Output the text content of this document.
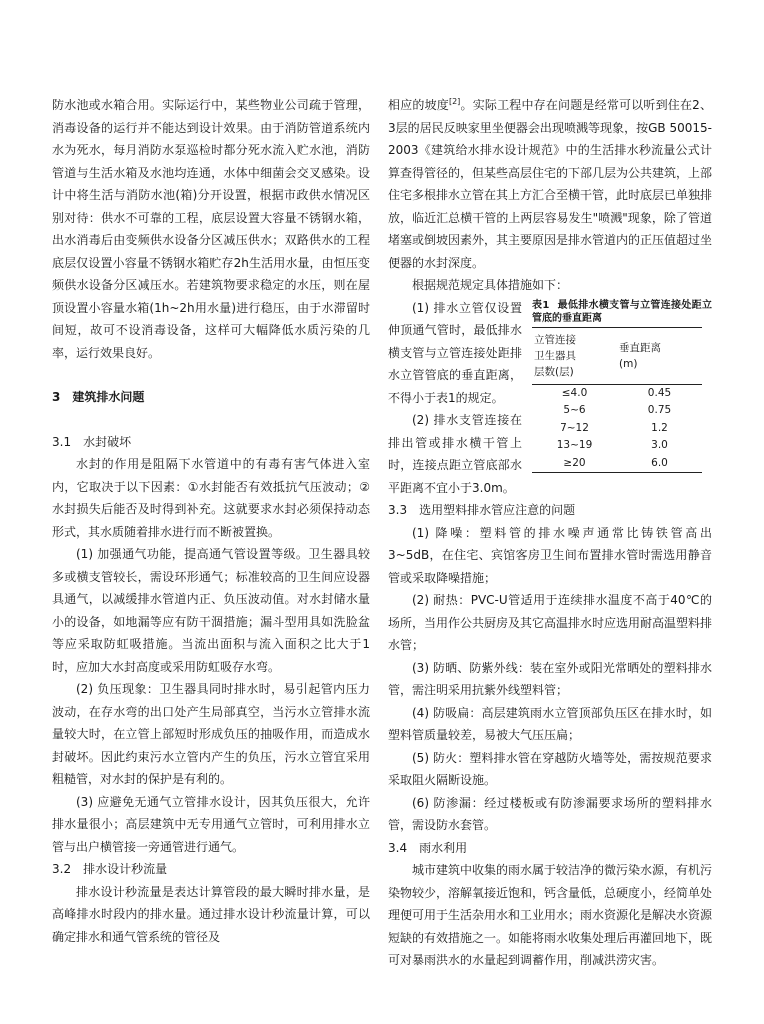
防水池或水箱合用。实际运行中，某些物业公司疏于管理，消毒设备的运行并不能达到设计效果。由于消防管道系统内水为死水，每月消防水泵巡检时都分死水流入贮水池，消防管道与生活水箱及水池均连通，水体中细菌会交叉感染。设计中将生活与消防水池(箱)分开设置，根据市政供水情况区别对待：供水不可靠的工程，底层设置大容量不锈钢水箱，出水消毒后由变频供水设备分区减压供水；双路供水的工程底层仅设置小容量不锈钢水箱贮存2h生活用水量，由恒压变频供水设备分区减压水。若建筑物要求稳定的水压，则在屋顶设置小容量水箱(1h~2h用水量)进行稳压，由于水滞留时间短，故可不设消毒设备，这样可大幅降低水质污染的几率，运行效果良好。

3　建筑排水问题

3.1　水封破坏

水封的作用是阻隔下水管道中的有毒有害气体进入室内，它取决于以下因素：①水封能否有效抵抗气压波动；②水封损失后能否及时得到补充。这就要求水封必须保持动态形式，其水质随着排水进行而不断被置换。

(1) 加强通气功能，提高通气管设置等级。卫生器具较多或横支管较长，需设环形通气；标准较高的卫生间应设器具通气，以减缓排水管道内正、负压波动值。对水封储水量小的设备，如地漏等应有防干涸措施；漏斗型用具如洗脸盆等应采取防虹吸措施。当流出面积与流入面积之比大于1时，应加大水封高度或采用防虹吸存水弯。

(2) 负压现象：卫生器具同时排水时，易引起管内压力波动，在存水弯的出口处产生局部真空，当污水立管排水流量较大时，在立管上部短时形成负压的抽吸作用，而造成水封破坏。因此约束污水立管内产生的负压，污水立管宜采用粗糙管，对水封的保护是有利的。

(3) 应避免无通气立管排水设计，因其负压很大，允许排水量很小；高层建筑中无专用通气立管时，可利用排水立管与出户横管接一旁通管进行通气。

3.2　排水设计秒流量

排水设计秒流量是表达计算管段的最大瞬时排水量，是高峰排水时段内的排水量。通过排水设计秒流量计算，可以确定排水和通气管系统的管径及

相应的坡度[2]。实际工程中存在问题是经常可以听到住在2、3层的居民反映家里坐便器会出现喷溅等现象，按GB 50015-2003《建筑给水排水设计规范》中的生活排水秒流量公式计算查得管径的，但某些高层住宅的下部几层为公共建筑，上部住宅多根排水立管在其上方汇合至横干管，此时底层已单独排放，临近汇总横干管的上两层容易发生"喷溅"现象，除了管道堵塞或倒坡因素外，其主要原因是排水管道内的正压值超过坐便器的水封深度。

根据规范规定具体措施如下：

(1) 排水立管仅设置伸顶通气管时，最低排水横支管与立管连接处距排水立管管底的垂直距离，不得小于表1的规定。

(2) 排水支管连接在排出管或排水横干管上时，连接点距立管底部水平距离不宜小于3.0m。

表1 最低排水横支管与立管连接处距立管底的垂直距离
立管连接
卫生器具
层数(层)	垂直距离
(m)

≤4.0	0.45
5~6	0.75
7~12	1.2
13~19	3.0
≥20	6.0

3.3　选用塑料排水管应注意的问题

(1) 降噪：塑料管的排水噪声通常比铸铁管高出3~5dB，在住宅、宾馆客房卫生间布置排水管时需选用静音管或采取降噪措施；

(2) 耐热：PVC-U管适用于连续排水温度不高于40℃的场所，当用作公共厨房及其它高温排水时应选用耐高温塑料排水管；

(3) 防晒、防紫外线：装在室外或阳光常晒处的塑料排水管，需注明采用抗紫外线塑料管；

(4) 防吸扁：高层建筑雨水立管顶部负压区在排水时，如塑料管质量较差，易被大气压压扁；

(5) 防火：塑料排水管在穿越防火墙等处，需按规范要求采取阻火隔断设施。

(6) 防渗漏：经过楼板或有防渗漏要求场所的塑料排水管，需设防水套管。

3.4　雨水利用

城市建筑中收集的雨水属于较洁净的微污染水源，有机污染物较少，溶解氧接近饱和，钙含量低，总硬度小，经简单处理便可用于生活杂用水和工业用水；雨水资源化是解决水资源短缺的有效措施之一。如能将雨水收集处理后再灌回地下，既可对暴雨洪水的水量起到调蓄作用，削减洪涝灾害。
